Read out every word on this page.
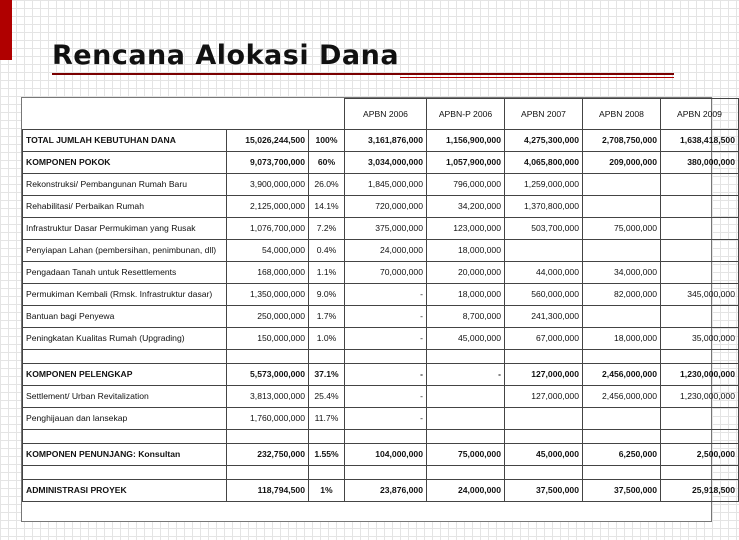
Rencana Alokasi Dana
			APBN 2006	APBN-P 2006	APBN 2007	APBN 2008	APBN 2009
TOTAL JUMLAH KEBUTUHAN DANA	15,026,244,500	100%	3,161,876,000	1,156,900,000	4,275,300,000	2,708,750,000	1,638,418,500
KOMPONEN POKOK	9,073,700,000	60%	3,034,000,000	1,057,900,000	4,065,800,000	209,000,000	380,000,000
Rekonstruksi/ Pembangunan Rumah Baru	3,900,000,000	26.0%	1,845,000,000	796,000,000	1,259,000,000		
Rehabilitasi/ Perbaikan Rumah	2,125,000,000	14.1%	720,000,000	34,200,000	1,370,800,000		
Infrastruktur Dasar Permukiman yang Rusak	1,076,700,000	7.2%	375,000,000	123,000,000	503,700,000	75,000,000	
Penyiapan Lahan (pembersihan, penimbunan, dll)	54,000,000	0.4%	24,000,000	18,000,000			
Pengadaan Tanah untuk Resettlements	168,000,000	1.1%	70,000,000	20,000,000	44,000,000	34,000,000	
Permukiman Kembali (Rmsk. Infrastruktur dasar)	1,350,000,000	9.0%	-	18,000,000	560,000,000	82,000,000	345,000,000
Bantuan bagi Penyewa	250,000,000	1.7%	-	8,700,000	241,300,000		
Peningkatan Kualitas Rumah (Upgrading)	150,000,000	1.0%	-	45,000,000	67,000,000	18,000,000	35,000,000

KOMPONEN PELENGKAP	5,573,000,000	37.1%	-	-	127,000,000	2,456,000,000	1,230,000,000
Settlement/ Urban Revitalization	3,813,000,000	25.4%	-		127,000,000	2,456,000,000	1,230,000,000
Penghijauan dan lansekap	1,760,000,000	11.7%	-				

KOMPONEN PENUNJANG: Konsultan	232,750,000	1.55%	104,000,000	75,000,000	45,000,000	6,250,000	2,500,000

ADMINISTRASI PROYEK	118,794,500	1%	23,876,000	24,000,000	37,500,000	37,500,000	25,918,500
